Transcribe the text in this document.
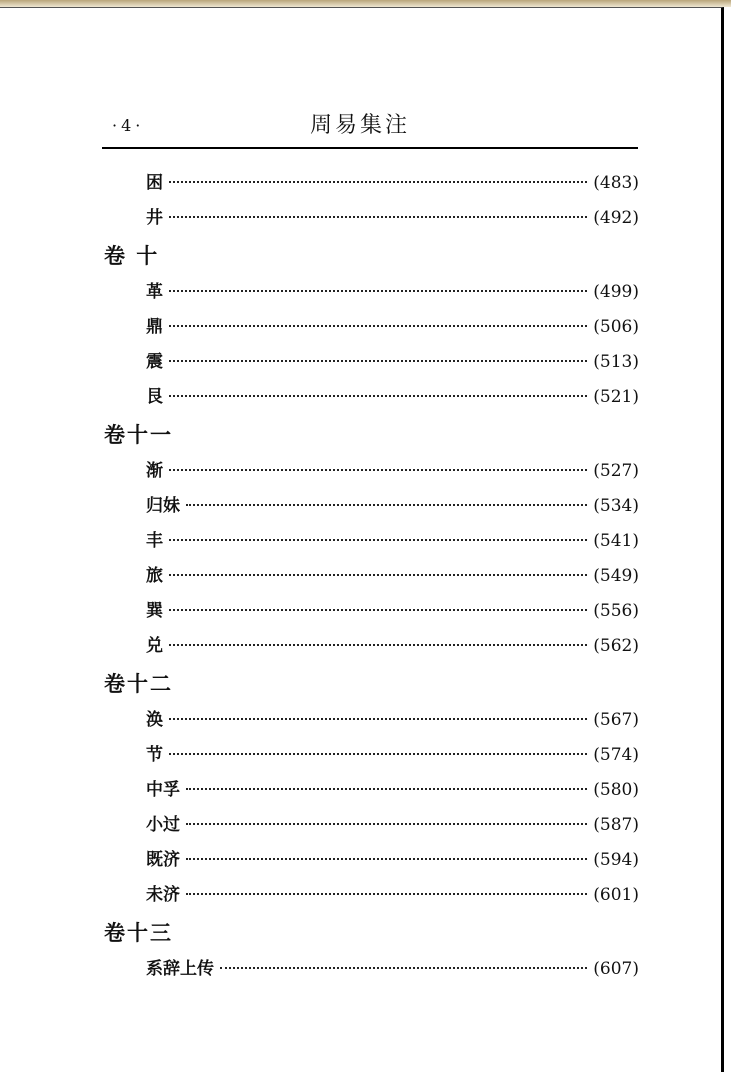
·4·	周易集注
困	(483)
井	(492)
卷 十
革	(499)
鼎	(506)
震	(513)
艮	(521)
卷十一
渐	(527)
归妹	(534)
丰	(541)
旅	(549)
巽	(556)
兑	(562)
卷十二
涣	(567)
节	(574)
中孚	(580)
小过	(587)
既济	(594)
未济	(601)
卷十三
系辞上传	(607)
